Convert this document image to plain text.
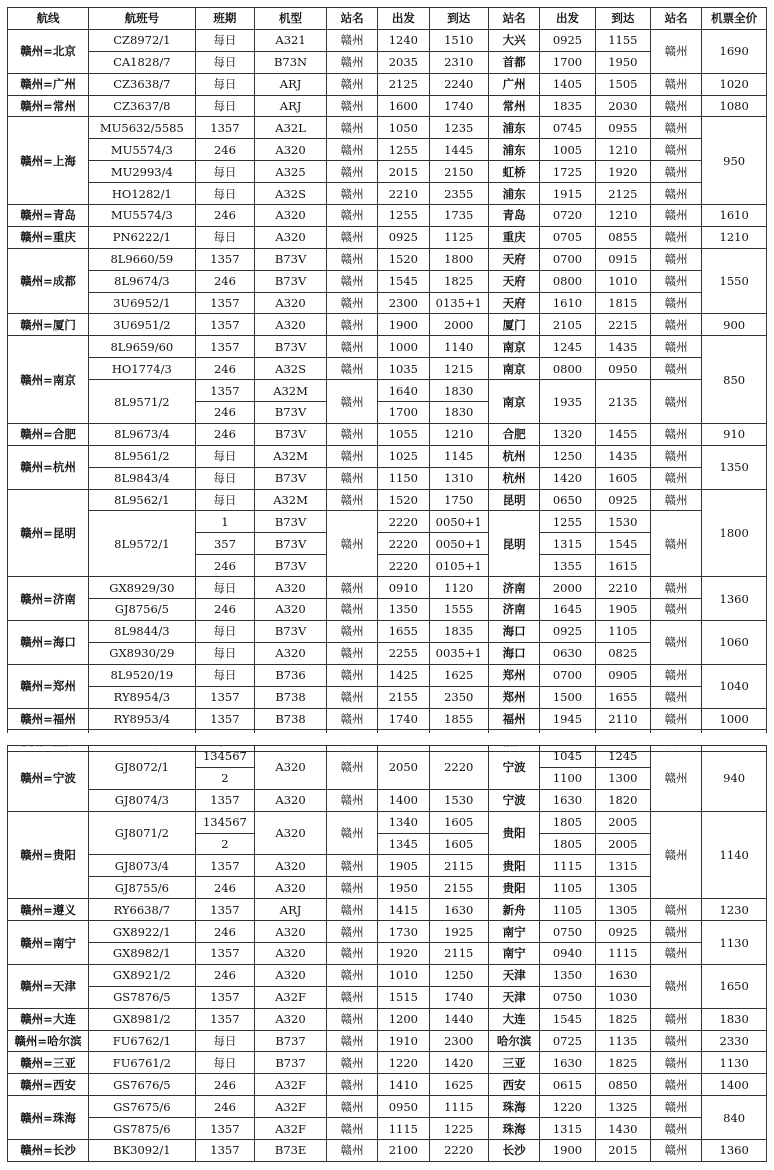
航线	航班号	班期	机型	站名	出发	到达	站名	出发	到达	站名	机票全价
赣州=北京	CZ8972/1	每日	A321	赣州	1240	1510	大兴	0925	1155	赣州	1690
	CA1828/7	每日	B73N	赣州	2035	2310	首都	1700	1950		
赣州=广州	CZ3638/7	每日	ARJ	赣州	2125	2240	广州	1405	1505	赣州	1020
赣州=常州	CZ3637/8	每日	ARJ	赣州	1600	1740	常州	1835	2030	赣州	1080
赣州=上海	MU5632/5585	1357	A32L	赣州	1050	1235	浦东	0745	0955	赣州	950
	MU5574/3	246	A320	赣州	1255	1445	浦东	1005	1210	赣州	
	MU2993/4	每日	A325	赣州	2015	2150	虹桥	1725	1920	赣州	
	HO1282/1	每日	A32S	赣州	2210	2355	浦东	1915	2125	赣州	
赣州=青岛	MU5574/3	246	A320	赣州	1255	1735	青岛	0720	1210	赣州	1610
赣州=重庆	PN6222/1	每日	A320	赣州	0925	1125	重庆	0705	0855	赣州	1210
赣州=成都	8L9660/59	1357	B73V	赣州	1520	1800	天府	0700	0915	赣州	1550
	8L9674/3	246	B73V	赣州	1545	1825	天府	0800	1010	赣州	
	3U6952/1	1357	A320	赣州	2300	0135+1	天府	1610	1815	赣州	
赣州=厦门	3U6951/2	1357	A320	赣州	1900	2000	厦门	2105	2215	赣州	900
赣州=南京	8L9659/60	1357	B73V	赣州	1000	1140	南京	1245	1435	赣州	850
	HO1774/3	246	A32S	赣州	1035	1215	南京	0800	0950	赣州	
	8L9571/2	1357	A32M	赣州	1640	1830	南京	1935	2135	赣州	
		246	B73V		1700	1830					
赣州=合肥	8L9673/4	246	B73V	赣州	1055	1210	合肥	1320	1455	赣州	910
赣州=杭州	8L9561/2	每日	A32M	赣州	1025	1145	杭州	1250	1435	赣州	1350
	8L9843/4	每日	B73V	赣州	1150	1310	杭州	1420	1605	赣州	
赣州=昆明	8L9562/1	每日	A32M	赣州	1520	1750	昆明	0650	0925	赣州	1800
	8L9572/1	1	B73V	赣州	2220	0050+1	昆明	1255	1530	赣州	
		357	B73V		2220	0050+1		1315	1545		
		246	B73V		2220	0105+1		1355	1615		
赣州=济南	GX8929/30	每日	A320	赣州	0910	1120	济南	2000	2210	赣州	1360
	GJ8756/5	246	A320	赣州	1350	1555	济南	1645	1905	赣州	
赣州=海口	8L9844/3	每日	B73V	赣州	1655	1835	海口	0925	1105	赣州	1060
	GX8930/29	每日	A320	赣州	2255	0035+1	海口	0630	0825		
赣州=郑州	8L9520/19	每日	B736	赣州	1425	1625	郑州	0700	0905	赣州	1040
	RY8954/3	1357	B738	赣州	2155	2350	郑州	1500	1655	赣州	
赣州=福州	RY8953/4	1357	B738	赣州	1740	1855	福州	1945	2110	赣州	1000

赣州=宁波	GJ8072/1	134567	A320	赣州	2050	2220	宁波	1045	1245	赣州	940
		2						1100	1300		
	GJ8074/3	1357	A320	赣州	1400	1530	宁波	1630	1820		
赣州=贵阳	GJ8071/2	134567	A320	赣州	1340	1605	贵阳	1805	2005	赣州	1140
		2			1345	1605		1805	2005		
	GJ8073/4	1357	A320	赣州	1905	2115	贵阳	1115	1315		
	GJ8755/6	246	A320	赣州	1950	2155	贵阳	1105	1305		
赣州=遵义	RY6638/7	1357	ARJ	赣州	1415	1630	新舟	1105	1305	赣州	1230
赣州=南宁	GX8922/1	246	A320	赣州	1730	1925	南宁	0750	0925	赣州	1130
	GX8982/1	1357	A320	赣州	1920	2115	南宁	0940	1115	赣州	
赣州=天津	GX8921/2	246	A320	赣州	1010	1250	天津	1350	1630	赣州	1650
	GS7876/5	1357	A32F	赣州	1515	1740	天津	0750	1030		
赣州=大连	GX8981/2	1357	A320	赣州	1200	1440	大连	1545	1825	赣州	1830
赣州=哈尔滨	FU6762/1	每日	B737	赣州	1910	2300	哈尔滨	0725	1135	赣州	2330
赣州=三亚	FU6761/2	每日	B737	赣州	1220	1420	三亚	1630	1825	赣州	1130
赣州=西安	GS7676/5	246	A32F	赣州	1410	1625	西安	0615	0850	赣州	1400
赣州=珠海	GS7675/6	246	A32F	赣州	0950	1115	珠海	1220	1325	赣州	840
	GS7875/6	1357	A32F	赣州	1115	1225	珠海	1315	1430	赣州	
赣州=长沙	BK3092/1	1357	B73E	赣州	2100	2220	长沙	1900	2015	赣州	1360
